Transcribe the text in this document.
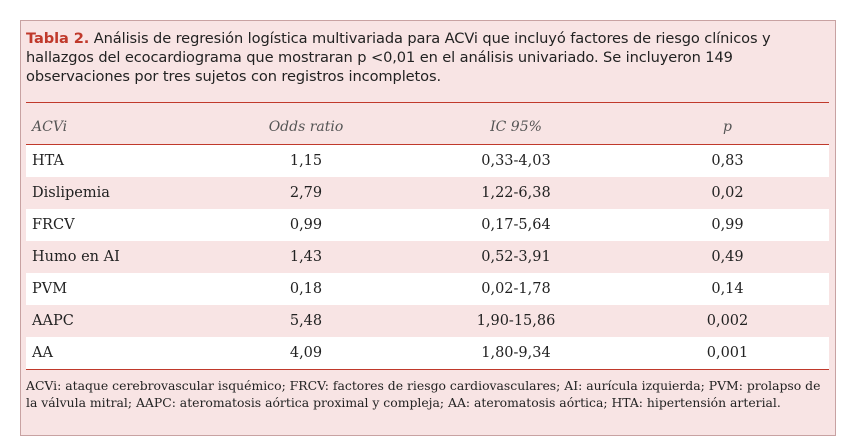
Tabla 2. Análisis de regresión logística multivariada para ACVi que incluyó factores de riesgo clínicos y hallazgos del ecocardiograma que mostraran p <0,01 en el análisis univariado. Se incluyeron 149 observaciones por tres sujetos con registros incompletos.
ACVi	Odds ratio	IC 95%	p
HTA	1,15	0,33-4,03	0,83
Dislipemia	2,79	1,22-6,38	0,02
FRCV	0,99	0,17-5,64	0,99
Humo en AI	1,43	0,52-3,91	0,49
PVM	0,18	0,02-1,78	0,14
AAPC	5,48	1,90-15,86	0,002
AA	4,09	1,80-9,34	0,001
ACVi: ataque cerebrovascular isquémico; FRCV: factores de riesgo cardiovasculares; AI: aurícula izquierda; PVM: prolapso de la válvula mitral; AAPC: ateromatosis aórtica proximal y compleja; AA: ateromatosis aórtica; HTA: hipertensión arterial.
